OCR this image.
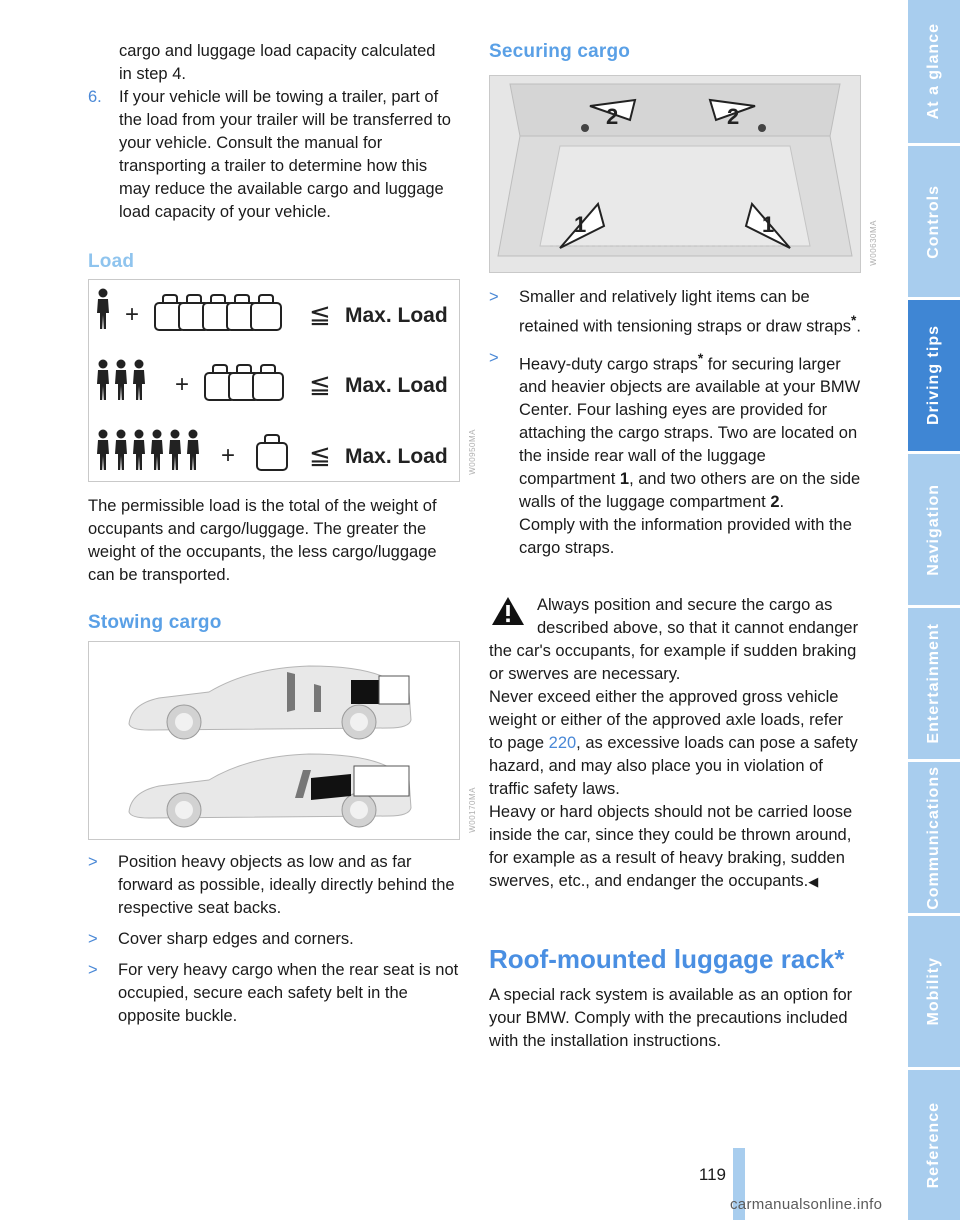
cargo and luggage load capacity calculated

in step 4.

6.	If your vehicle will be towing a trailer, part of the load from your trailer will be transferred to your vehicle. Consult the manual for transporting a trailer to determine how this may reduce the available cargo and luggage load capacity of your vehicle.

Load
+	≦ Max. Load
+	≦ Max. Load
+	≦ Max. Load	W00950MA

The permissible load is the total of the weight of occupants and cargo/luggage. The greater the weight of the occupants, the less cargo/luggage can be transported.

Stowing cargo
W00170MA
>	Position heavy objects as low and as far forward as possible, ideally directly behind the respective seat backs.

>	Cover sharp edges and corners.

>	For very heavy cargo when the rear seat is not occupied, secure each safety belt in the opposite buckle.

Securing cargo
2	2
1	1	W00630MA
>	Smaller and relatively light items can be retained with tensioning straps or draw straps*.

>	Heavy-duty cargo straps* for securing larger and heavier objects are available at your BMW Center. Four lashing eyes are provided for attaching the cargo straps. Two are located on the inside rear wall of the luggage compartment 1, and two others are on the side walls of the luggage compartment 2.

Comply with the information provided with the cargo straps.

Always position and secure the cargo as described above, so that it cannot endanger the car's occupants, for example if sudden braking or swerves are necessary.

Never exceed either the approved gross vehicle weight or either of the approved axle loads, refer to page 220, as excessive loads can pose a safety hazard, and may also place you in violation of traffic safety laws.

Heavy or hard objects should not be carried loose inside the car, since they could be thrown around, for example as a result of heavy braking, sudden swerves, etc., and endanger the occupants.◀

Roof-mounted luggage rack*

A special rack system is available as an option for your BMW. Comply with the precautions included with the installation instructions.

At a glance
Controls
Driving tips
Navigation
Entertainment
Communications
Mobility
Reference
119
carmanualsonline.info
